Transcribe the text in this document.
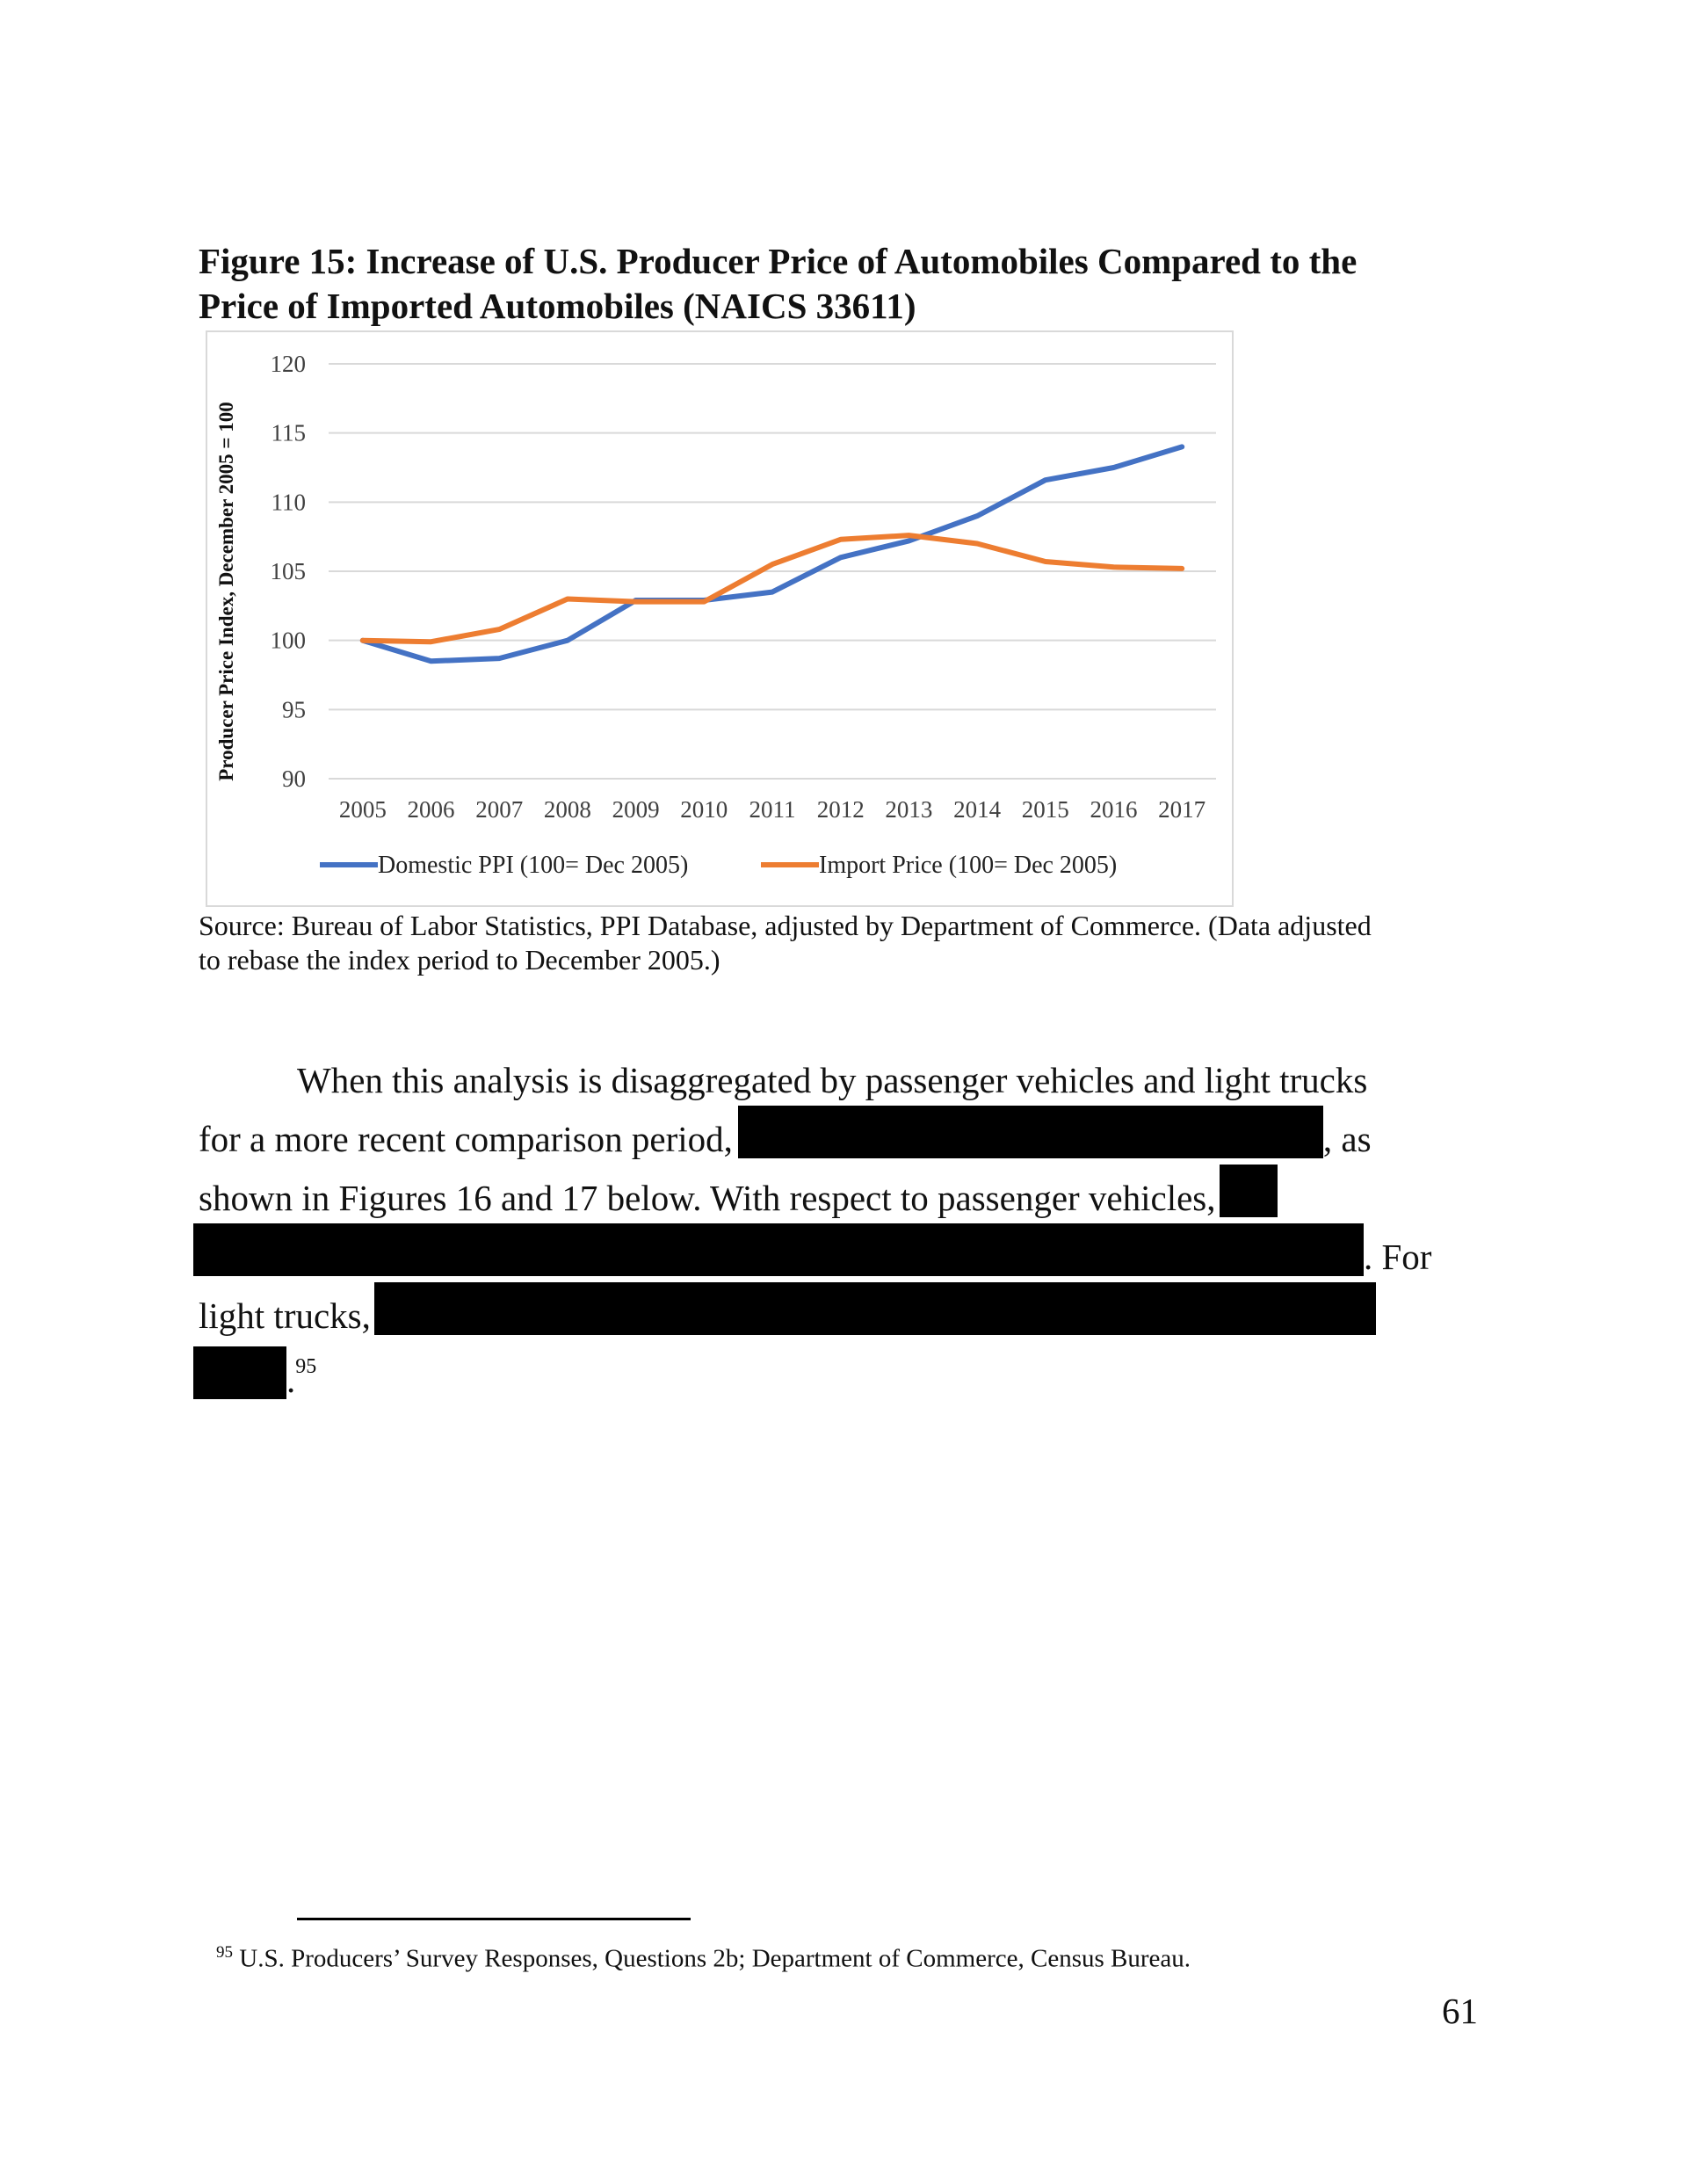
Figure 15: Increase of U.S. Producer Price of Automobiles Compared to the
Price of Imported Automobiles (NAICS 33611)
120
115
110
105
100
95
90
2005 2006 2007 2008 2009 2010 2011 2012 2013 2014 2015 2016 2017
Domestic PPI (100= Dec 2005)	Import Price (100= Dec 2005)
Producer Price Index, December 2005 = 100
Source: Bureau of Labor Statistics, PPI Database, adjusted by Department of Commerce. (Data adjusted
to rebase the index period to December 2005.)

When this analysis is disaggregated by passenger vehicles and light trucks

for a more recent comparison period,	, as

shown in Figures 16 and 17 below. With respect to passenger vehicles,

. For

light trucks,

.$^{95}$

$^{95}$ U.S. Producers’ Survey Responses, Questions 2b; Department of Commerce, Census Bureau.
61
